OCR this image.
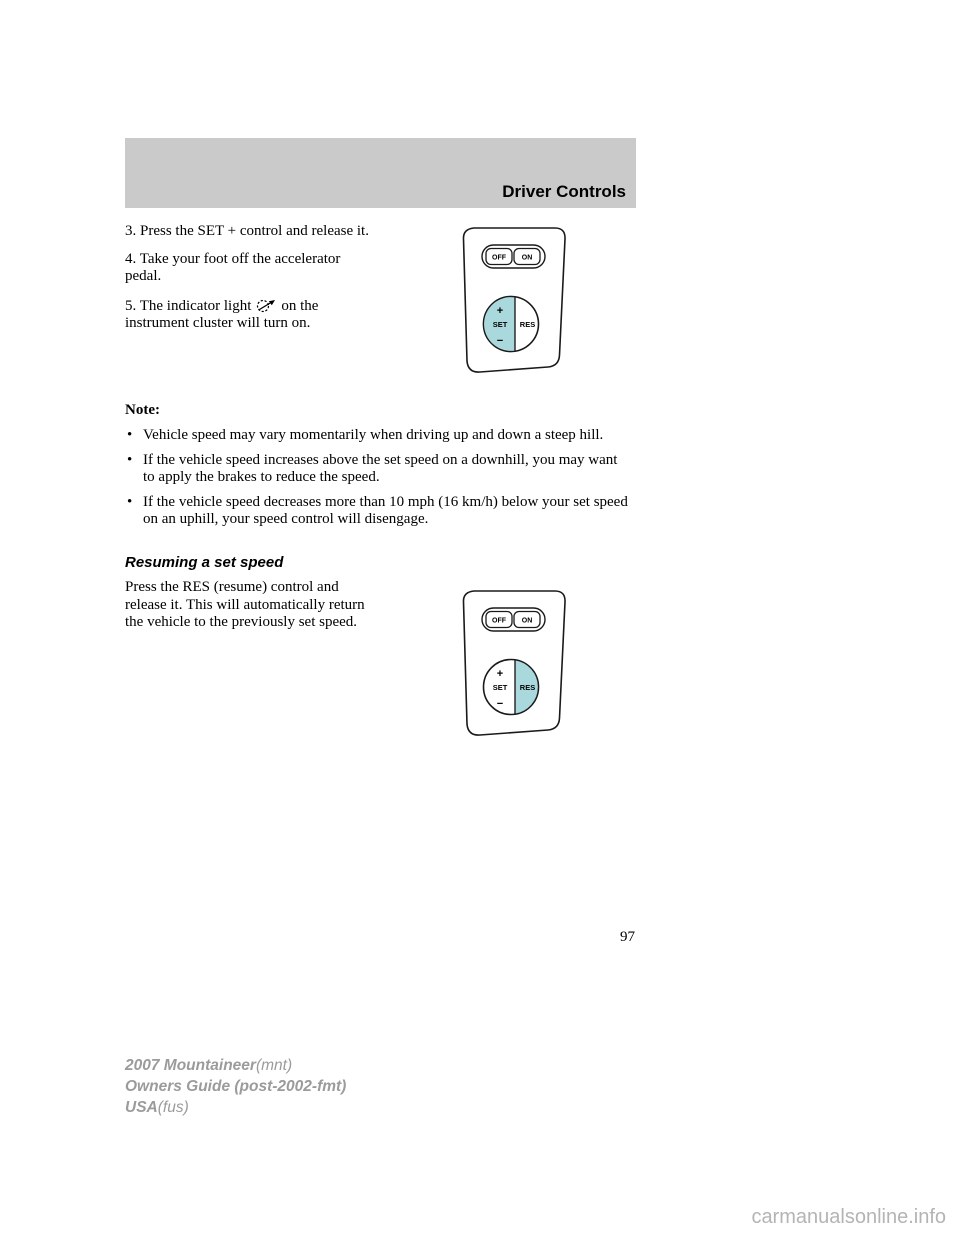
Driver Controls

3. Press the SET + control and release it.

4. Take your foot off the accelerator pedal.

5. The indicator light on the instrument cluster will turn on.

OFF ON
+
SET
−
RES

Note:

• Vehicle speed may vary momentarily when driving up and down a steep hill.
• If the vehicle speed increases above the set speed on a downhill, you may want to apply the brakes to reduce the speed.
• If the vehicle speed decreases more than 10 mph (16 km/h) below your set speed on an uphill, your speed control will disengage.
Resuming a set speed

Press the RES (resume) control and release it. This will automatically return the vehicle to the previously set speed.	OFF ON
+
SET
−
RES
97
2007 Mountaineer(mnt)
Owners Guide (post-2002-fmt)
USA(fus)
carmanualsonline.info
